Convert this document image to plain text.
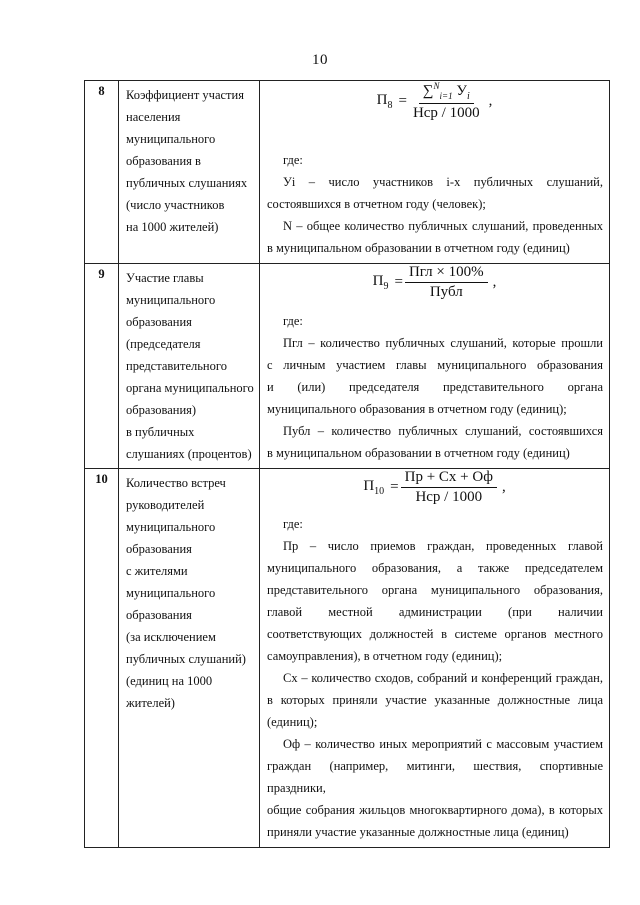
10
8	Коэффициент участия
населения
муниципального
образования в
публичных слушаниях
(число участников
на 1000 жителей)

$П_8 = \frac{\sum^N_{i=1} У_i}{\text{Нср / 1000}}$ ,

где:
Уi – число участников i-х публичных слушаний,
состоявшихся в отчетном году (человек);
N – общее количество публичных слушаний, проведенных
в муниципальном образовании в отчетном году (единиц)

9	Участие главы
муниципального
образования
(председателя
представительного
органа муниципального
образования)
в публичных
слушаниях (процентов)

$П_9 = \frac{\text{Пгл × 100\%}}{\text{Публ}}$ ,

где:
Пгл – количество публичных слушаний, которые прошли
с личным участием главы муниципального образования
и (или) председателя представительного органа
муниципального образования в отчетном году (единиц);
Публ – количество публичных слушаний, состоявшихся
в муниципальном образовании в отчетном году (единиц)

10	Количество встреч
руководителей
муниципального
образования
с жителями
муниципального
образования
(за исключением
публичных слушаний)
(единиц на 1000
жителей)

$П_{10} = \frac{Пр + Сх + Оф}{\text{Нср / 1000}}$ ,

где:
Пр – число приемов граждан, проведенных главой
муниципального образования, а также председателем
представительного органа муниципального образования,
главой местной администрации (при наличии
соответствующих должностей в системе органов местного
самоуправления), в отчетном году (единиц);
Сх – количество сходов, собраний и конференций граждан,
в которых приняли участие указанные должностные лица
(единиц);
Оф – количество иных мероприятий с массовым участием
граждан (например, митинги, шествия, спортивные праздники,
общие собрания жильцов многоквартирного дома), в которых
приняли участие указанные должностные лица (единиц)
